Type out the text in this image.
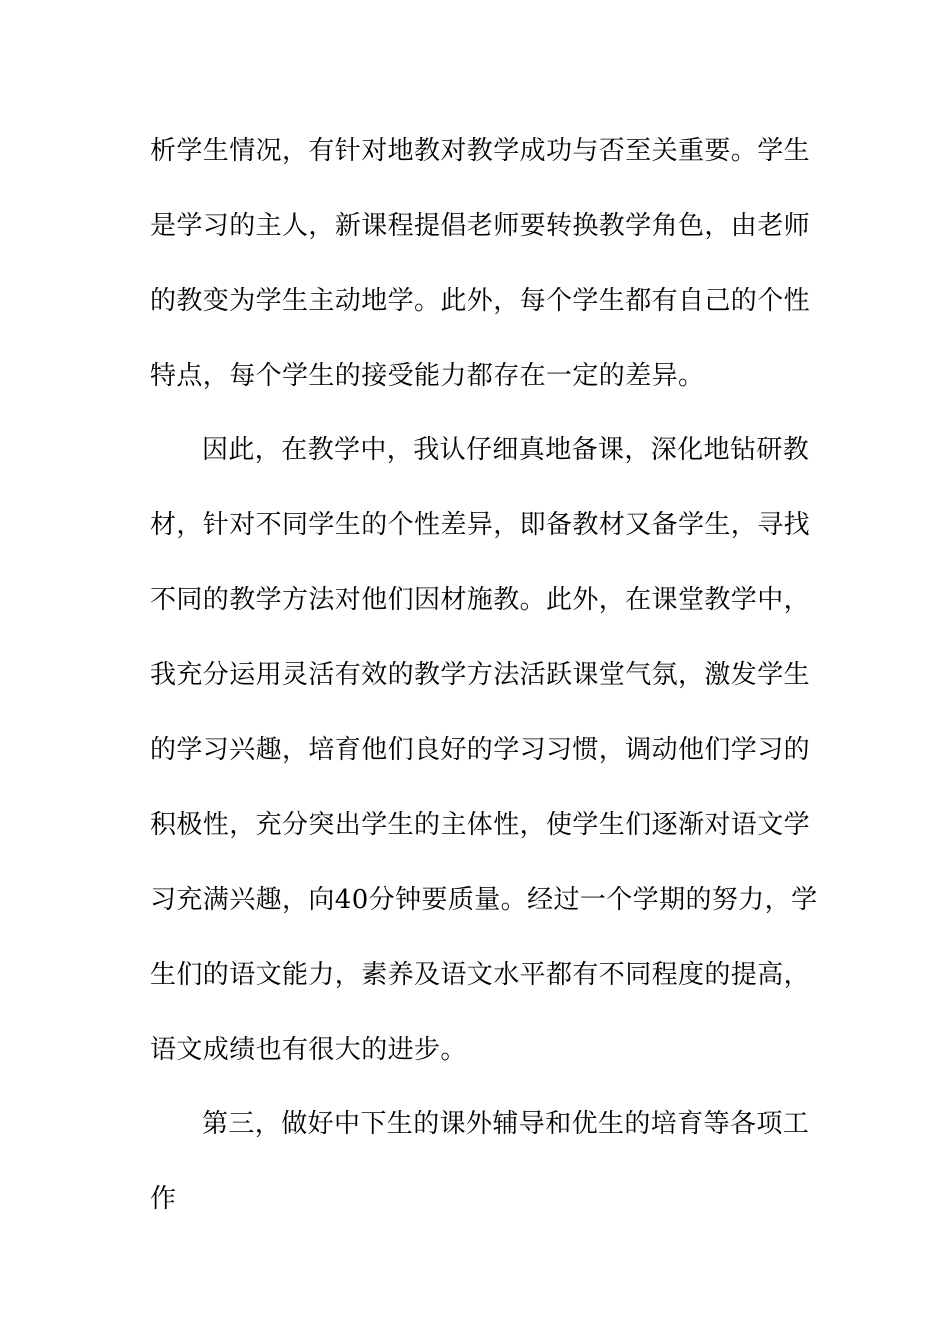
析学生情况，有针对地教对教学成功与否至关重要。学生
是学习的主人，新课程提倡老师要转换教学角色，由老师
的教变为学生主动地学。此外，每个学生都有自己的个性
特点，每个学生的接受能力都存在一定的差异。
因此，在教学中，我认仔细真地备课，深化地钻研教
材，针对不同学生的个性差异，即备教材又备学生，寻找
不同的教学方法对他们因材施教。此外，在课堂教学中，
我充分运用灵活有效的教学方法活跃课堂气氛，激发学生
的学习兴趣，培育他们良好的学习习惯，调动他们学习的
积极性，充分突出学生的主体性，使学生们逐渐对语文学
习充满兴趣，向40分钟要质量。经过一个学期的努力，学
生们的语文能力，素养及语文水平都有不同程度的提高，
语文成绩也有很大的进步。
第三，做好中下生的课外辅导和优生的培育等各项工
作
